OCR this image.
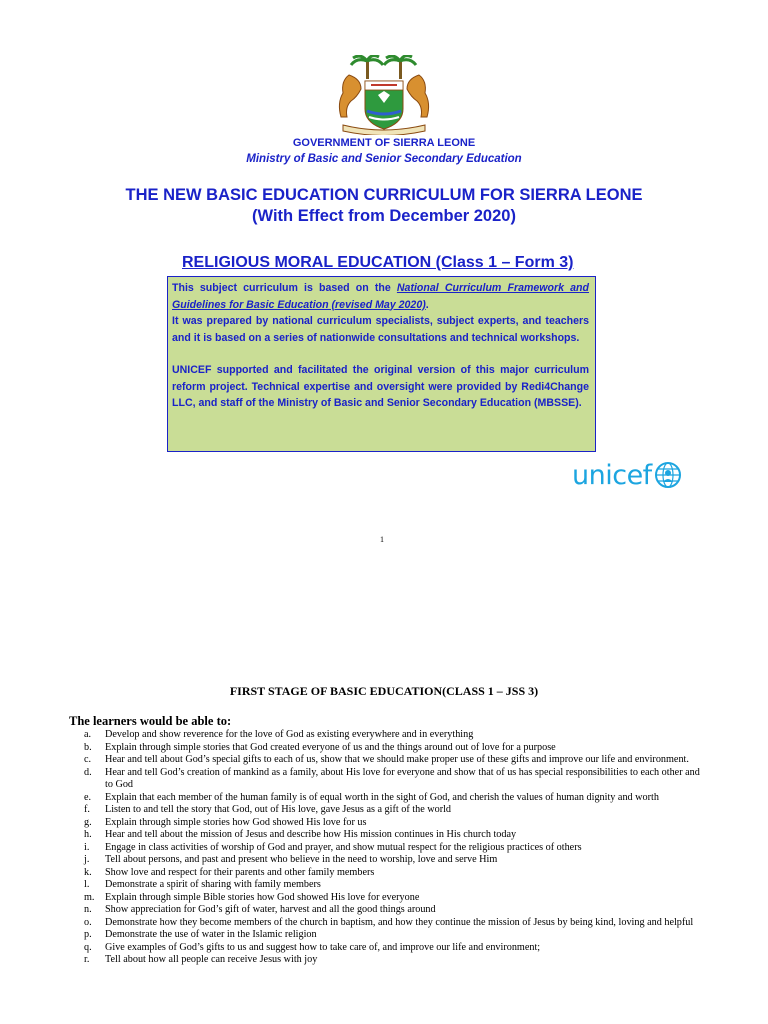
GOVERNMENT OF SIERRA LEONE
Ministry of Basic and Senior Secondary Education
THE NEW BASIC EDUCATION CURRICULUM FOR SIERRA LEONE
(With Effect from December 2020)
RELIGIOUS MORAL EDUCATION (Class 1 – Form 3)

This subject curriculum is based on the National Curriculum Framework and Guidelines for Basic Education (revised May 2020).

It was prepared by national curriculum specialists, subject experts, and teachers and it is based on a series of nationwide consultations and technical workshops.

UNICEF supported and facilitated the original version of this major curriculum reform project. Technical expertise and oversight were provided by Redi4Change LLC, and staff of the Ministry of Basic and Senior Secondary Education (MBSSE).

unicef
1
FIRST STAGE OF BASIC EDUCATION(CLASS 1 – JSS 3)
The learners would be able to:
a. Develop and show reverence for the love of God as existing everywhere and in everything
b. Explain through simple stories that God created everyone of us and the things around out of love for a purpose
c. Hear and tell about God’s special gifts to each of us, show that we should make proper use of these gifts and improve our life and environment.
d. Hear and tell God’s creation of mankind as a family, about His love for everyone and show that of us has special responsibilities to each other and to God
e. Explain that each member of the human family is of equal worth in the sight of God, and cherish the values of human dignity and worth
f. Listen to and tell the story that God, out of His love, gave Jesus as a gift of the world
g. Explain through simple stories how God showed His love for us
h. Hear and tell about the mission of Jesus and describe how His mission continues in His church today
i. Engage in class activities of worship of God and prayer, and show mutual respect for the religious practices of others
j. Tell about persons, and past and present who believe in the need to worship, love and serve Him
k. Show love and respect for their parents and other family members
l. Demonstrate a spirit of sharing with family members
m. Explain through simple Bible stories how God showed His love for everyone
n. Show appreciation for God’s gift of water, harvest and all the good things around
o. Demonstrate how they become members of the church in baptism, and how they continue the mission of Jesus by being kind, loving and helpful
p. Demonstrate the use of water in the Islamic religion
q. Give examples of God’s gifts to us and suggest how to take care of, and improve our life and environment;
r. Tell about how all people can receive Jesus with joy
